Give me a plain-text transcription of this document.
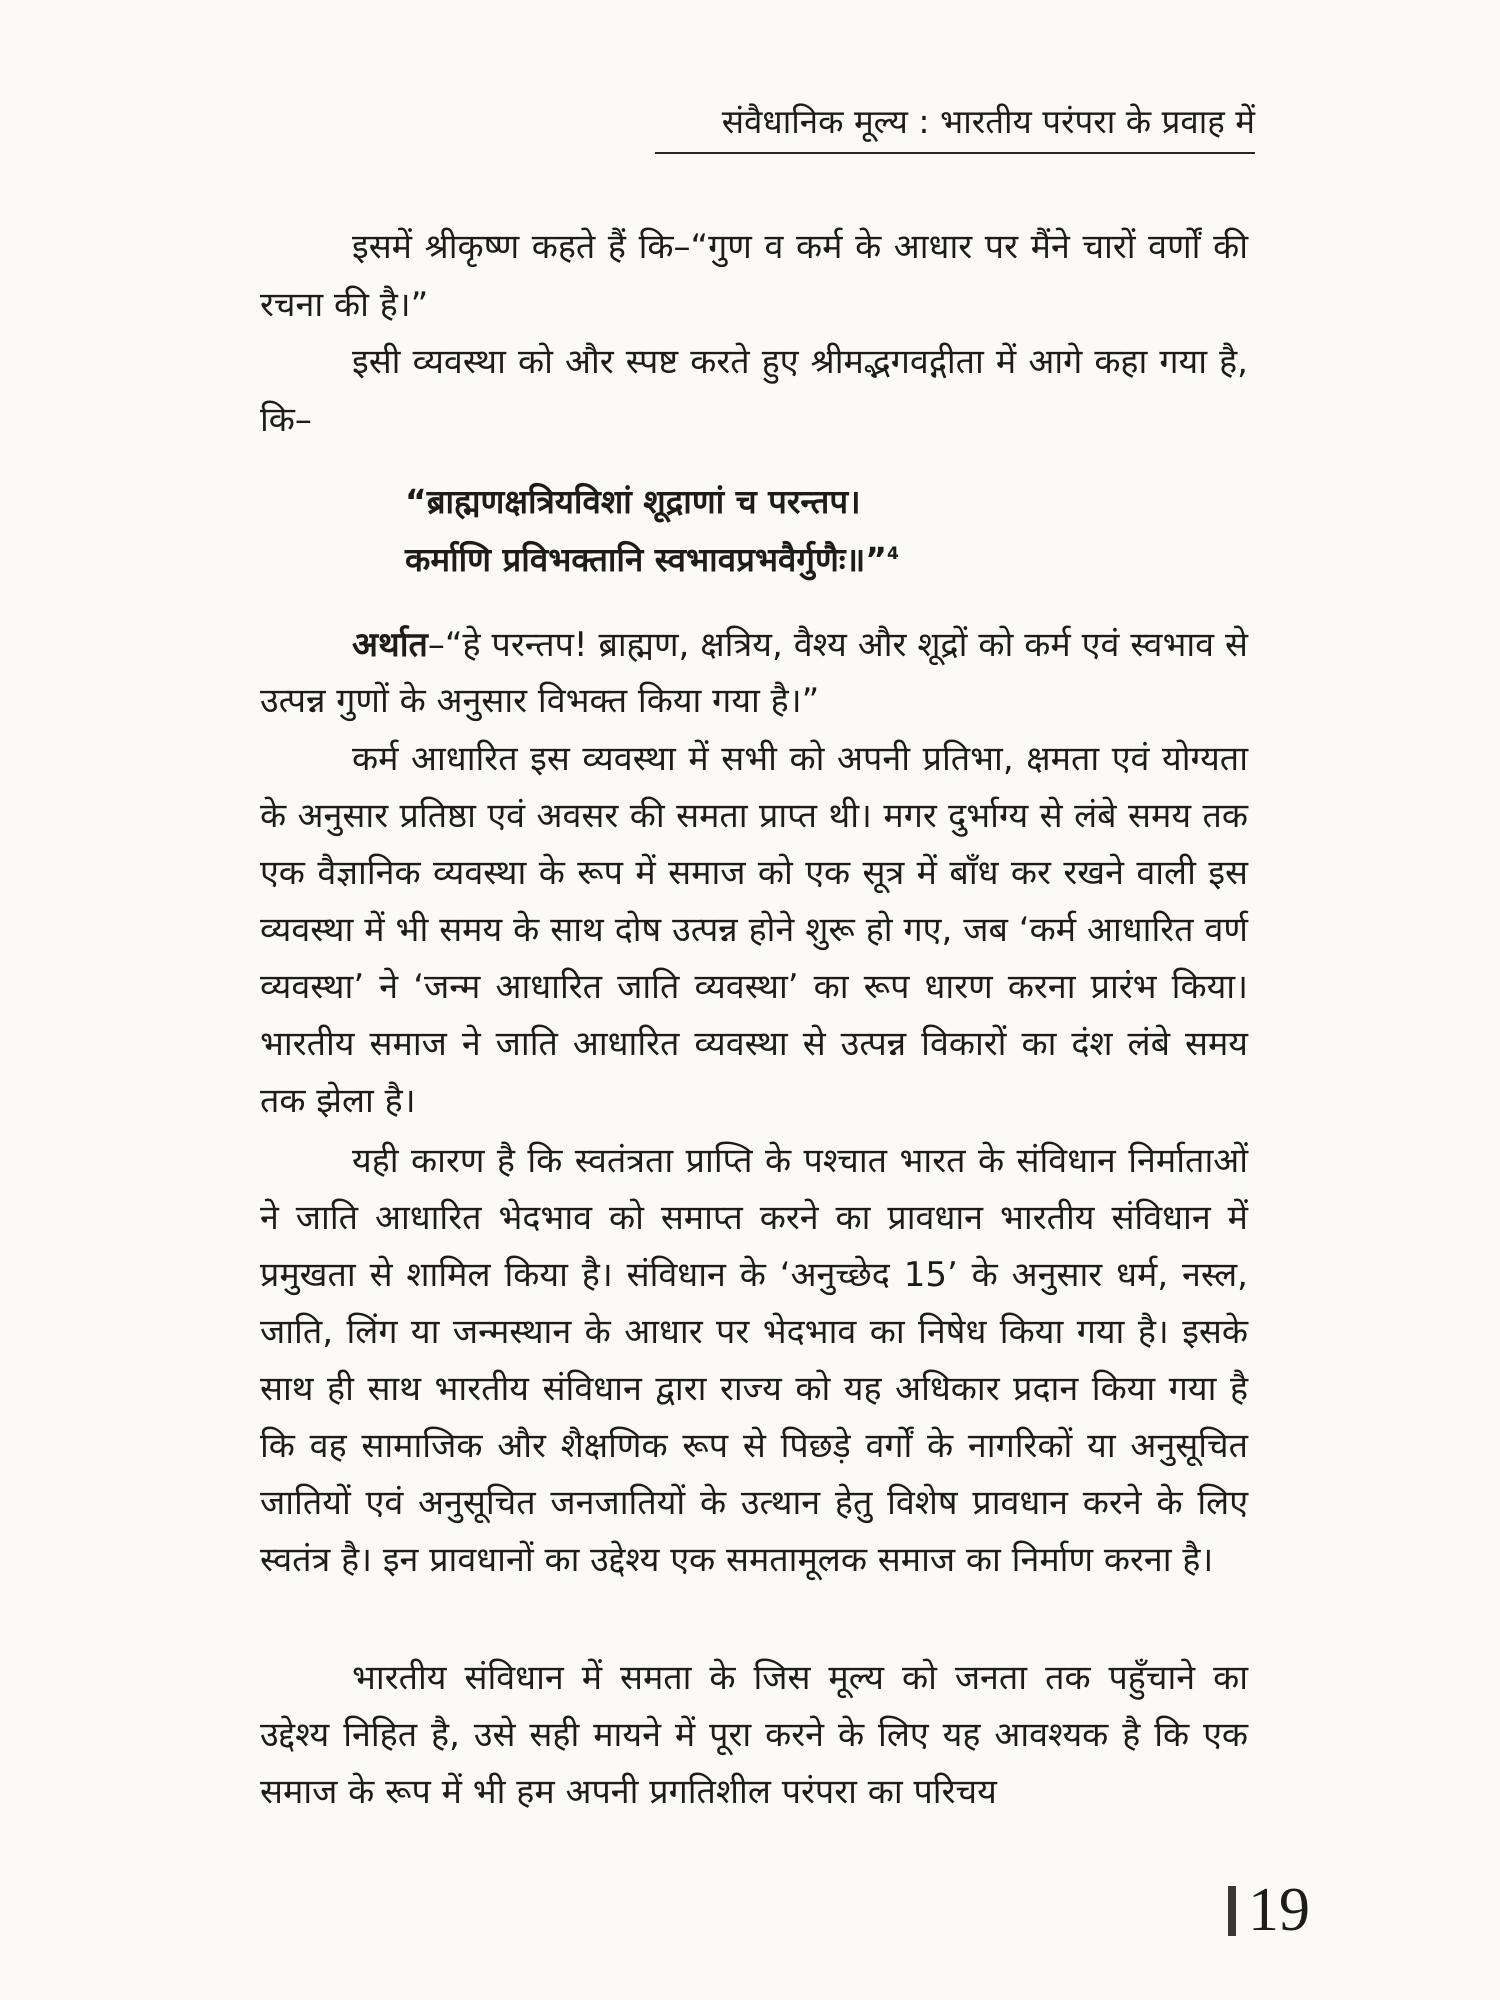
संवैधानिक मूल्य : भारतीय परंपरा के प्रवाह में
इसमें श्रीकृष्ण कहते हैं कि–“गुण व कर्म के आधार पर मैंने चारों वर्णों की रचना की है।”
इसी व्यवस्था को और स्पष्ट करते हुए श्रीमद्भगवद्गीता में आगे कहा गया है, कि–
“ब्राह्मणक्षत्रियविशां शूद्राणां च परन्तप।
कर्माणि प्रविभक्तानि स्वभावप्रभवैर्गुणैः॥”$^4$
अर्थात–“हे परन्तप! ब्राह्मण, क्षत्रिय, वैश्य और शूद्रों को कर्म एवं स्वभाव से उत्पन्न गुणों के अनुसार विभक्त किया गया है।”
कर्म आधारित इस व्यवस्था में सभी को अपनी प्रतिभा, क्षमता एवं योग्यता के अनुसार प्रतिष्ठा एवं अवसर की समता प्राप्त थी। मगर दुर्भाग्य से लंबे समय तक एक वैज्ञानिक व्यवस्था के रूप में समाज को एक सूत्र में बाँध कर रखने वाली इस व्यवस्था में भी समय के साथ दोष उत्पन्न होने शुरू हो गए, जब ‘कर्म आधारित वर्ण व्यवस्था’ ने ‘जन्म आधारित जाति व्यवस्था’ का रूप धारण करना प्रारंभ किया। भारतीय समाज ने जाति आधारित व्यवस्था से उत्पन्न विकारों का दंश लंबे समय तक झेला है।
यही कारण है कि स्वतंत्रता प्राप्ति के पश्चात भारत के संविधान निर्माताओं ने जाति आधारित भेदभाव को समाप्त करने का प्रावधान भारतीय संविधान में प्रमुखता से शामिल किया है। संविधान के ‘अनुच्छेद 15’ के अनुसार धर्म, नस्ल, जाति, लिंग या जन्मस्थान के आधार पर भेदभाव का निषेध किया गया है। इसके साथ ही साथ भारतीय संविधान द्वारा राज्य को यह अधिकार प्रदान किया गया है कि वह सामाजिक और शैक्षणिक रूप से पिछड़े वर्गों के नागरिकों या अनुसूचित जातियों एवं अनुसूचित जनजातियों के उत्थान हेतु विशेष प्रावधान करने के लिए स्वतंत्र है। इन प्रावधानों का उद्देश्य एक समतामूलक समाज का निर्माण करना है।
भारतीय संविधान में समता के जिस मूल्य को जनता तक पहुँचाने का उद्देश्य निहित है, उसे सही मायने में पूरा करने के लिए यह आवश्यक है कि एक समाज के रूप में भी हम अपनी प्रगतिशील परंपरा का परिचय
19
